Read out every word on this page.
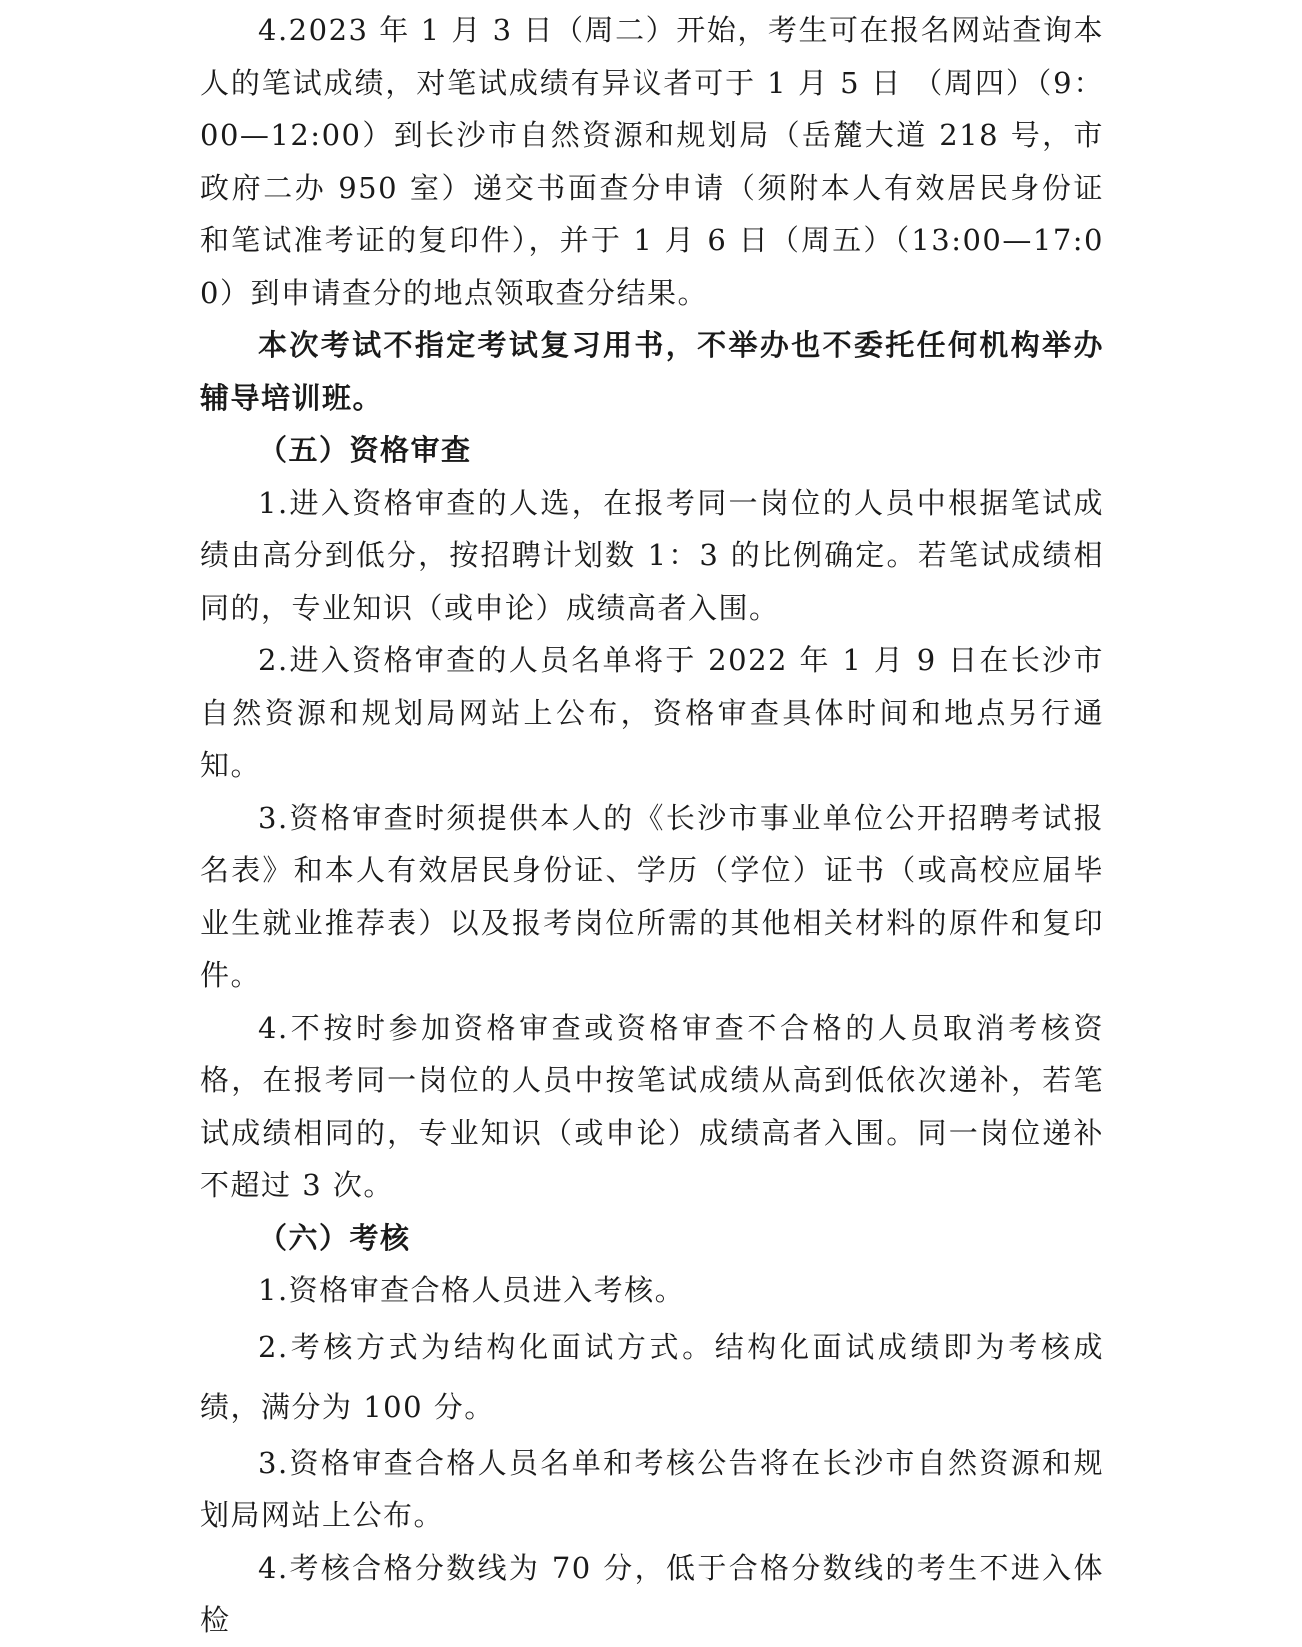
4.2023 年 1 月 3 日（周二）开始，考生可在报名网站查询本人的笔试成绩，对笔试成绩有异议者可于 1 月 5 日 （周四）（9：00—12:00）到长沙市自然资源和规划局（岳麓大道 218 号，市政府二办 950 室）递交书面查分申请（须附本人有效居民身份证和笔试准考证的复印件），并于 1 月 6 日（周五）（13:00—17:00）到申请查分的地点领取查分结果。

本次考试不指定考试复习用书，不举办也不委托任何机构举办辅导培训班。

（五）资格审查

1.进入资格审查的人选，在报考同一岗位的人员中根据笔试成绩由高分到低分，按招聘计划数 1：3 的比例确定。若笔试成绩相同的，专业知识（或申论）成绩高者入围。

2.进入资格审查的人员名单将于 2022 年 1 月 9 日在长沙市自然资源和规划局网站上公布，资格审查具体时间和地点另行通知。

3.资格审查时须提供本人的《长沙市事业单位公开招聘考试报名表》和本人有效居民身份证、学历（学位）证书（或高校应届毕业生就业推荐表）以及报考岗位所需的其他相关材料的原件和复印件。

4.不按时参加资格审查或资格审查不合格的人员取消考核资格，在报考同一岗位的人员中按笔试成绩从高到低依次递补，若笔试成绩相同的，专业知识（或申论）成绩高者入围。同一岗位递补不超过 3 次。

（六）考核

1.资格审查合格人员进入考核。

2.考核方式为结构化面试方式。结构化面试成绩即为考核成绩，满分为 100 分。

3.资格审查合格人员名单和考核公告将在长沙市自然资源和规划局网站上公布。

4.考核合格分数线为 70 分，低于合格分数线的考生不进入体检
